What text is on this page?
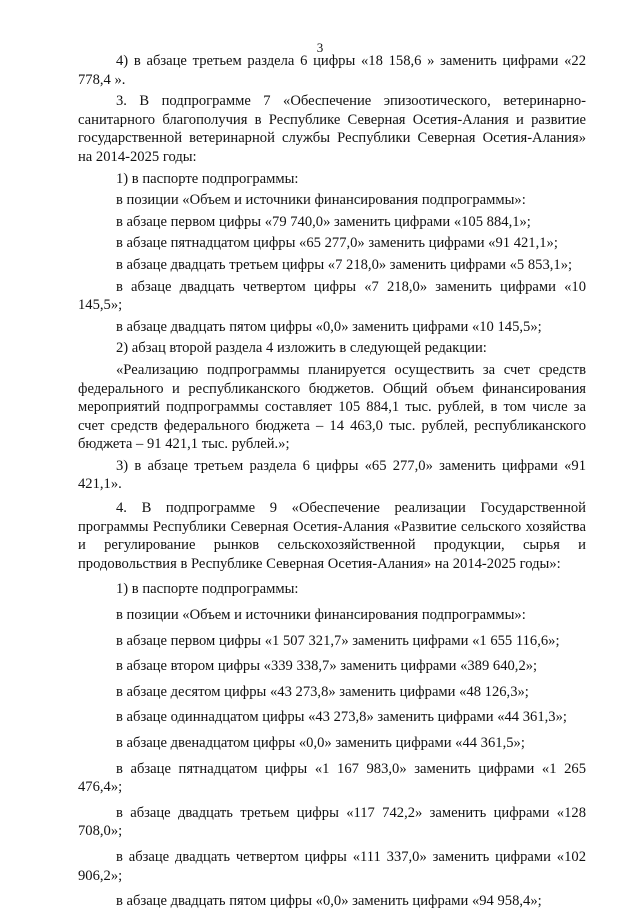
3

4) в абзаце третьем раздела 6 цифры «18 158,6 » заменить цифрами «22 778,4 ».

3. В подпрограмме 7 «Обеспечение эпизоотического, ветеринарно-санитарного благополучия в Республике Северная Осетия-Алания и развитие государственной ветеринарной службы Республики Северная Осетия-Алания» на 2014-2025 годы:

1) в паспорте подпрограммы:

в позиции «Объем и источники финансирования подпрограммы»:

в абзаце первом цифры «79 740,0» заменить цифрами «105 884,1»;

в абзаце пятнадцатом цифры «65 277,0» заменить цифрами «91 421,1»;

в абзаце двадцать третьем цифры «7 218,0» заменить цифрами «5 853,1»;

в абзаце двадцать четвертом цифры «7 218,0» заменить цифрами «10 145,5»;

в абзаце двадцать пятом цифры «0,0» заменить цифрами «10 145,5»;

2) абзац второй раздела 4 изложить в следующей редакции:

«Реализацию подпрограммы планируется осуществить за счет средств федерального и республиканского бюджетов. Общий объем финансирования мероприятий подпрограммы составляет 105 884,1 тыс. рублей, в том числе за счет средств федерального бюджета – 14 463,0 тыс. рублей, республиканского бюджета – 91 421,1 тыс. рублей.»;

3) в абзаце третьем раздела 6 цифры «65 277,0» заменить цифрами «91 421,1».

4. В подпрограмме 9 «Обеспечение реализации Государственной программы Республики Северная Осетия-Алания «Развитие сельского хозяйства и регулирование рынков сельскохозяйственной продукции, сырья и продовольствия в Республике Северная Осетия-Алания» на 2014-2025 годы»:

1) в паспорте подпрограммы:

в позиции «Объем и источники финансирования подпрограммы»:

в абзаце первом цифры «1 507 321,7» заменить цифрами «1 655 116,6»;

в абзаце втором цифры «339 338,7» заменить цифрами «389 640,2»;

в абзаце десятом цифры «43 273,8» заменить цифрами «48 126,3»;

в абзаце одиннадцатом цифры «43 273,8» заменить цифрами «44 361,3»;

в абзаце двенадцатом цифры «0,0» заменить цифрами «44 361,5»;

в абзаце пятнадцатом цифры «1 167 983,0» заменить цифрами «1 265 476,4»;

в абзаце двадцать третьем цифры «117 742,2» заменить цифрами «128 708,0»;

в абзаце двадцать четвертом цифры «111 337,0» заменить цифрами «102 906,2»;

в абзаце двадцать пятом цифры «0,0» заменить цифрами «94 958,4»;
